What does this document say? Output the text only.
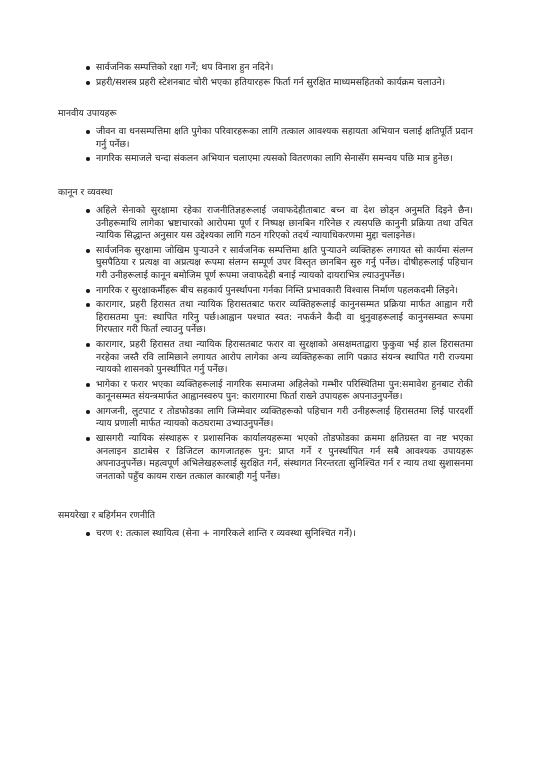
सार्वजनिक सम्पत्तिको रक्षा गर्नें; थप विनाश हुन नदिने।
प्रहरी/सशस्त्र प्रहरी स्टेशनबाट चोरी भएका हतियारहरू फिर्ता गर्न सुरक्षित माध्यमसहितको कार्यक्रम चलाउने।
मानवीय उपायहरू
जीवन वा धनसम्पत्तिमा क्षति पुगेका परिवारहरूका लागि तत्काल आवश्यक सहायता अभियान चलाई क्षतिपूर्ति प्रदान गर्नु पर्नेछ।
नागरिक समाजले चन्दा संकलन अभियान चलाएमा त्यसको वितरणका लागि सेनासँग समन्वय पछि मात्र हुनेछ।
कानून र व्यवस्था
अहिले सेनाको सुरक्षामा रहेका राजनीतिज्ञहरूलाई जवाफदेहीताबाट बच्न वा देश छोड्न अनुमति दिइने छैन। उनीहरूमाथि लागेका भ्रष्टाचारको आरोपमा पूर्ण र निष्पक्ष छानबिन गरिनेछ र त्यसपछि कानुनी प्रक्रिया तथा उचित न्यायिक सिद्धान्त अनुसार यस उद्देश्यका लागि गठन गरिएको तदर्थ न्यायाधिकरणमा मुद्दा चलाइनेछ।
सार्वजनिक सुरक्षामा जोखिम पुर्‍याउने र सार्वजनिक सम्पत्तिमा क्षति पुर्‍याउने व्यक्तिहरू लगायत सो कार्यमा संलग्न घुसपैठिया र प्रत्यक्ष वा अप्रत्यक्ष रूपमा संलग्न सम्पूर्ण उपर विस्तृत छानबिन सुरु गर्नु पर्नेछ। दोषीहरूलाई पहिचान गरी उनीहरूलाई कानून बमोजिम पूर्ण रूपमा जवाफदेही बनाई न्यायको दायराभित्र ल्याउनुपर्नेछ।
नागरिक र सुरक्षाकर्मीहरू बीच सहकार्य पुनर्स्थापना गर्नका निम्ति प्रभावकारी विश्वास निर्माण पहलकदमी लिइने।
कारागार, प्रहरी हिरासत तथा न्यायिक हिरासतबाट फरार व्यक्तिहरूलाई कानुनसम्मत प्रक्रिया मार्फत आह्वान गरी हिरासतमा पुन: स्थापित गरिनु पर्छ।आह्वान पश्चात स्वत: नफर्कने कैदी वा थुनुवाहरूलाई कानुनसम्वत रूपमा गिरफ्तार गरी फिर्ता ल्याउनु पर्नेछ।
कारागार, प्रहरी हिरासत तथा न्यायिक हिरासतबाट फरार वा सुरक्षाको असक्षमताद्वारा फुकुवा भई हाल हिरासतमा नरहेका जस्तै रवि लामिछाने लगायत आरोप लागेका अन्य व्यक्तिहरूका लागि पक्राउ संयन्त्र स्थापित गरी राज्यमा न्यायको शासनको पुनर्स्थापित गर्नु पर्नेछ।
भागेका र फरार भएका व्यक्तिहरूलाई नागरिक समाजमा अहिलेको गम्भीर परिस्थितिमा पुन:समावेश हुनबाट रोकी कानूनसम्मत संयन्त्रमार्फत आह्वानस्वरुप पुन: कारागारमा फिर्ता राख्ने उपायहरू अपनाउनुपर्नेछ।
आगजनी, लुटपाट र तोडफोडका लागि जिम्मेवार व्यक्तिहरूको पहिचान गरी उनीहरूलाई हिरासतमा लिई पारदर्शी न्याय प्रणाली मार्फत न्यायको कठघरामा उभ्याउनुपर्नेछ।
खासगरी न्यायिक संस्थाहरू र प्रशासनिक कार्यालयहरूमा भएको तोडफोडका क्रममा क्षतिग्रस्त वा नष्ट भएका अनलाइन डाटाबेस र डिजिटल कागजातहरू पुन: प्राप्त गर्ने र पुनर्स्थापित गर्न सबै आवश्यक उपायहरू अपनाउनुपर्नेछ। महत्वपूर्ण अभिलेखहरूलाई सुरक्षित गर्न, संस्थागत निरन्तरता सुनिश्चित गर्न र न्याय तथा सुशासनमा जनताको पहुँच कायम राख्न तत्काल कारबाही गर्नु पर्नेछ।
समयरेखा र बहिर्गमन रणनीति
चरण १: तत्काल स्थायित्व (सेना + नागरिकले शान्ति र व्यवस्था सुनिश्चित गर्ने)।
